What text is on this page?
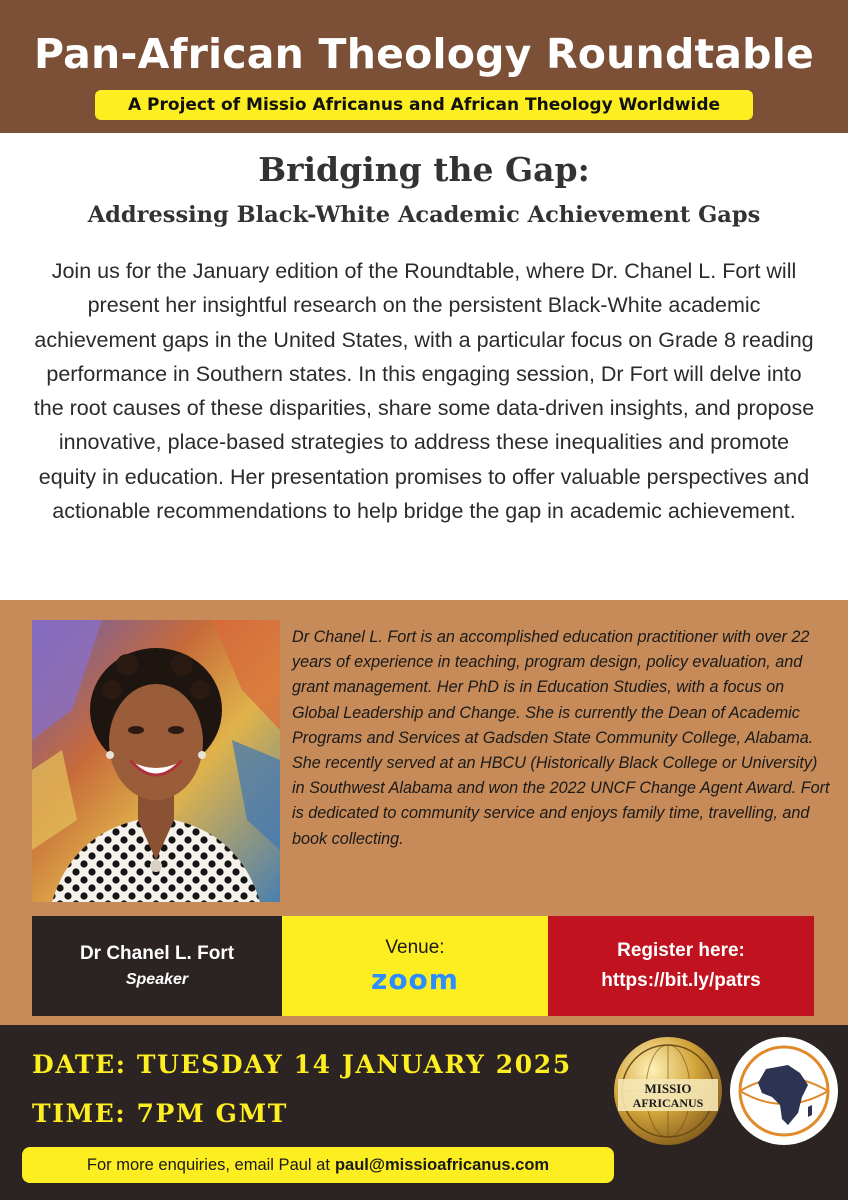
Pan-African Theology Roundtable
A Project of Missio Africanus and African Theology Worldwide
Bridging the Gap:
Addressing Black-White Academic Achievement Gaps
Join us for the January edition of the Roundtable, where Dr. Chanel L. Fort will present her insightful research on the persistent Black-White academic achievement gaps in the United States, with a particular focus on Grade 8 reading performance in Southern states. In this engaging session, Dr Fort will delve into the root causes of these disparities, share some data-driven insights, and propose innovative, place-based strategies to address these inequalities and promote equity in education. Her presentation promises to offer valuable perspectives and actionable recommendations to help bridge the gap in academic achievement.
Dr Chanel L. Fort is an accomplished education practitioner with over 22 years of experience in teaching, program design, policy evaluation, and grant management. Her PhD is in Education Studies, with a focus on Global Leadership and Change. She is currently the Dean of Academic Programs and Services at Gadsden State Community College, Alabama. She recently served at an HBCU (Historically Black College or University) in Southwest Alabama and won the 2022 UNCF Change Agent Award. Fort is dedicated to community service and enjoys family time, travelling, and book collecting.
Dr Chanel L. Fort
Speaker
Venue:
zoom
Register here:
https://bit.ly/patrs
DATE: TUESDAY 14 JANUARY 2025
TIME: 7PM GMT
For more enquiries, email Paul at paul@missioafricanus.com
MISSIO
AFRICANUS
